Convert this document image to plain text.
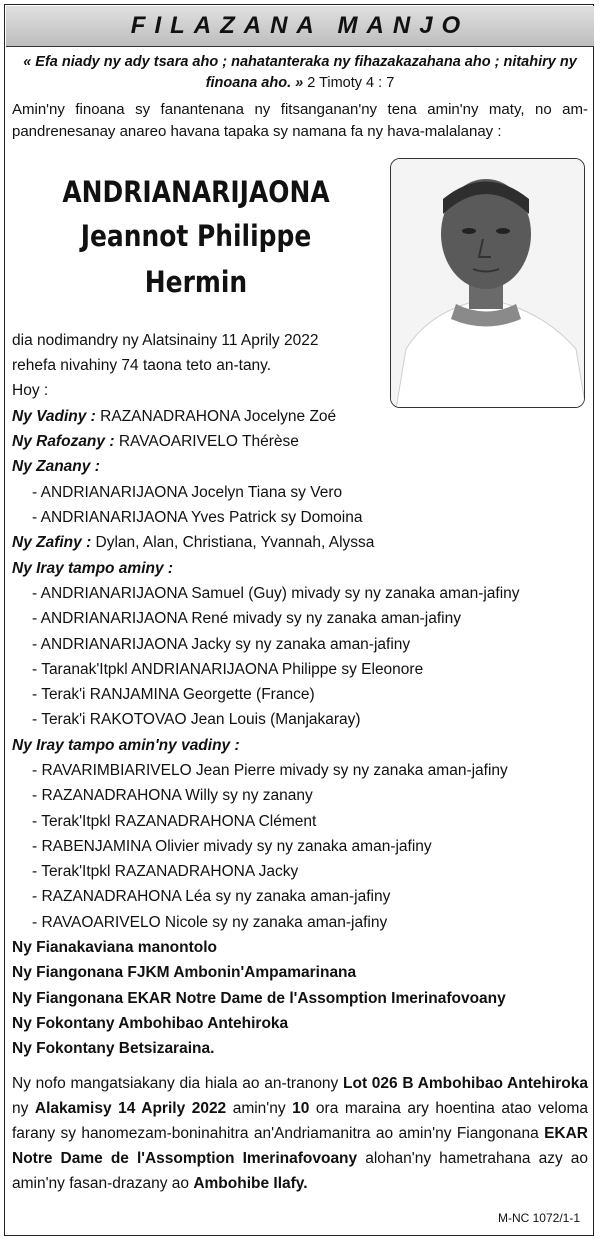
FILAZANA MANJO
« Efa niady ny ady tsara aho ; nahatanteraka ny fihazakazahana aho ; nitahiry ny finoana aho. » 2 Timoty 4 : 7
Amin'ny finoana sy fanantenana ny fitsanganan'ny tena amin'ny maty, no am-pandrenesanay anareo havana tapaka sy namana fa ny hava-malalanay :
ANDRIANARIJAONA
Jeannot Philippe
Hermin
dia nodimandry ny Alatsinainy 11 Aprily 2022
rehefa nivahiny 74 taona teto an-tany.
Hoy :
Ny Vadiny : RAZANADRAHONA Jocelyne Zoé
Ny Rafozany : RAVAOARIVELO Thérèse
Ny Zanany :
- ANDRIANARIJAONA Jocelyn Tiana sy Vero
- ANDRIANARIJAONA Yves Patrick sy Domoina
Ny Zafiny : Dylan, Alan, Christiana, Yvannah, Alyssa
Ny Iray tampo aminy :
- ANDRIANARIJAONA Samuel (Guy) mivady sy ny zanaka aman-jafiny
- ANDRIANARIJAONA René mivady sy ny zanaka aman-jafiny
- ANDRIANARIJAONA Jacky sy ny zanaka aman-jafiny
- Taranak'Itpkl ANDRIANARIJAONA Philippe sy Eleonore
- Terak'i RANJAMINA Georgette (France)
- Terak'i RAKOTOVAO Jean Louis (Manjakaray)
Ny Iray tampo amin'ny vadiny :
- RAVARIMBIARIVELO Jean Pierre mivady sy ny zanaka aman-jafiny
- RAZANADRAHONA Willy sy ny zanany
- Terak'Itpkl RAZANADRAHONA Clément
- RABENJAMINA Olivier mivady sy ny zanaka aman-jafiny
- Terak'Itpkl RAZANADRAHONA Jacky
- RAZANADRAHONA Léa sy ny zanaka aman-jafiny
- RAVAOARIVELO Nicole sy ny zanaka aman-jafiny
Ny Fianakaviana manontolo
Ny Fiangonana FJKM Ambonin'Ampamarinana
Ny Fiangonana EKAR Notre Dame de l'Assomption Imerinafovoany
Ny Fokontany Ambohibao Antehiroka
Ny Fokontany Betsizaraina.
Ny nofo mangatsiakany dia hiala ao an-tranony Lot 026 B Ambohibao Antehiroka ny Alakamisy 14 Aprily 2022 amin'ny 10 ora maraina ary hoentina atao veloma farany sy hanomezam-boninahitra an'Andriamanitra ao amin'ny Fiangonana EKAR Notre Dame de l'Assomption Imerinafovoany alohan'ny hametrahana azy ao amin'ny fasan-drazany ao Ambohibe Ilafy.
M-NC 1072/1-1
